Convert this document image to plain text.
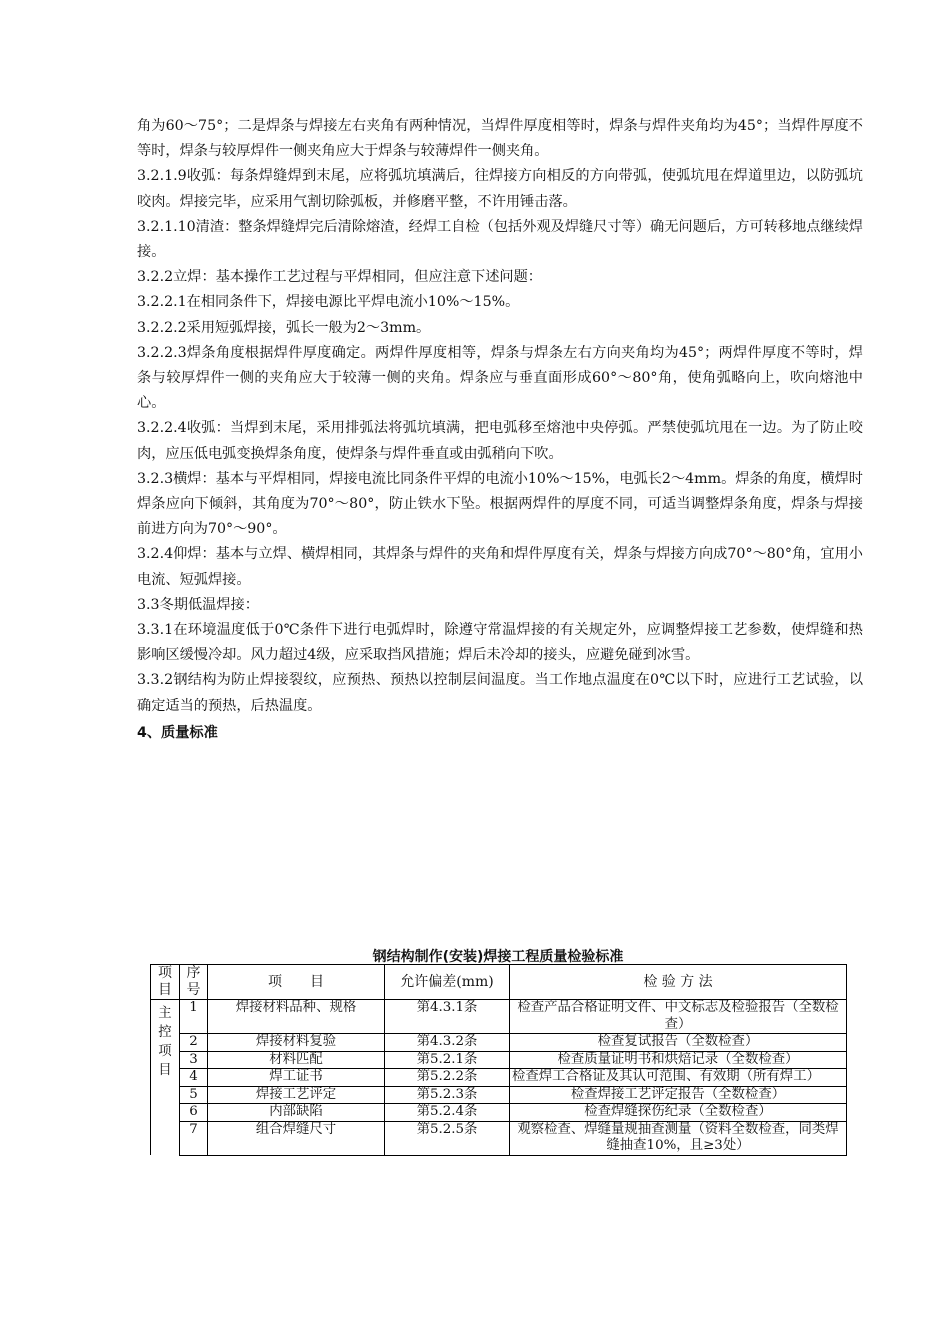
角为60～75°；二是焊条与焊接左右夹角有两种情况，当焊件厚度相等时，焊条与焊件夹角均为45°；当焊件厚度不等时，焊条与较厚焊件一侧夹角应大于焊条与较薄焊件一侧夹角。

3.2.1.9收弧：每条焊缝焊到末尾，应将弧坑填满后，往焊接方向相反的方向带弧，使弧坑甩在焊道里边，以防弧坑咬肉。焊接完毕，应采用气割切除弧板，并修磨平整，不许用锤击落。

3.2.1.10清渣：整条焊缝焊完后清除熔渣，经焊工自检（包括外观及焊缝尺寸等）确无问题后，方可转移地点继续焊接。

3.2.2立焊：基本操作工艺过程与平焊相同，但应注意下述问题：

3.2.2.1在相同条件下，焊接电源比平焊电流小10%～15%。

3.2.2.2采用短弧焊接，弧长一般为2～3mm。

3.2.2.3焊条角度根据焊件厚度确定。两焊件厚度相等，焊条与焊条左右方向夹角均为45°；两焊件厚度不等时，焊条与较厚焊件一侧的夹角应大于较薄一侧的夹角。焊条应与垂直面形成60°～80°角，使角弧略向上，吹向熔池中心。

3.2.2.4收弧：当焊到末尾，采用排弧法将弧坑填满，把电弧移至熔池中央停弧。严禁使弧坑甩在一边。为了防止咬肉，应压低电弧变换焊条角度，使焊条与焊件垂直或由弧稍向下吹。

3.2.3横焊：基本与平焊相同，焊接电流比同条件平焊的电流小10%～15%，电弧长2～4mm。焊条的角度，横焊时焊条应向下倾斜，其角度为70°～80°，防止铁水下坠。根据两焊件的厚度不同，可适当调整焊条角度，焊条与焊接前进方向为70°～90°。

3.2.4仰焊：基本与立焊、横焊相同，其焊条与焊件的夹角和焊件厚度有关，焊条与焊接方向成70°～80°角，宜用小电流、短弧焊接。

3.3冬期低温焊接：

3.3.1在环境温度低于0℃条件下进行电弧焊时，除遵守常温焊接的有关规定外，应调整焊接工艺参数，使焊缝和热影响区缓慢冷却。风力超过4级，应采取挡风措施；焊后未冷却的接头，应避免碰到冰雪。

3.3.2钢结构为防止焊接裂纹，应预热、预热以控制层间温度。当工作地点温度在0℃以下时，应进行工艺试验，以确定适当的预热，后热温度。

4、质量标准

钢结构制作(安装)焊接工程质量检验标准
项目	序号	项　　目	允许偏差(mm)	检 验 方 法
主控项目	1	焊接材料品种、规格	第4.3.1条	检查产品合格证明文件、中文标志及检验报告（全数检查）
	2	焊接材料复验	第4.3.2条	检查复试报告（全数检查）
	3	材料匹配	第5.2.1条	检查质量证明书和烘焙记录（全数检查）
	4	焊工证书	第5.2.2条	检查焊工合格证及其认可范围、有效期（所有焊工）
	5	焊接工艺评定	第5.2.3条	检查焊接工艺评定报告（全数检查）
	6	内部缺陷	第5.2.4条	检查焊缝探伤纪录（全数检查）
	7	组合焊缝尺寸	第5.2.5条	观察检查、焊缝量规抽查测量（资料全数检查，同类焊缝抽查10%，且≥3处）
